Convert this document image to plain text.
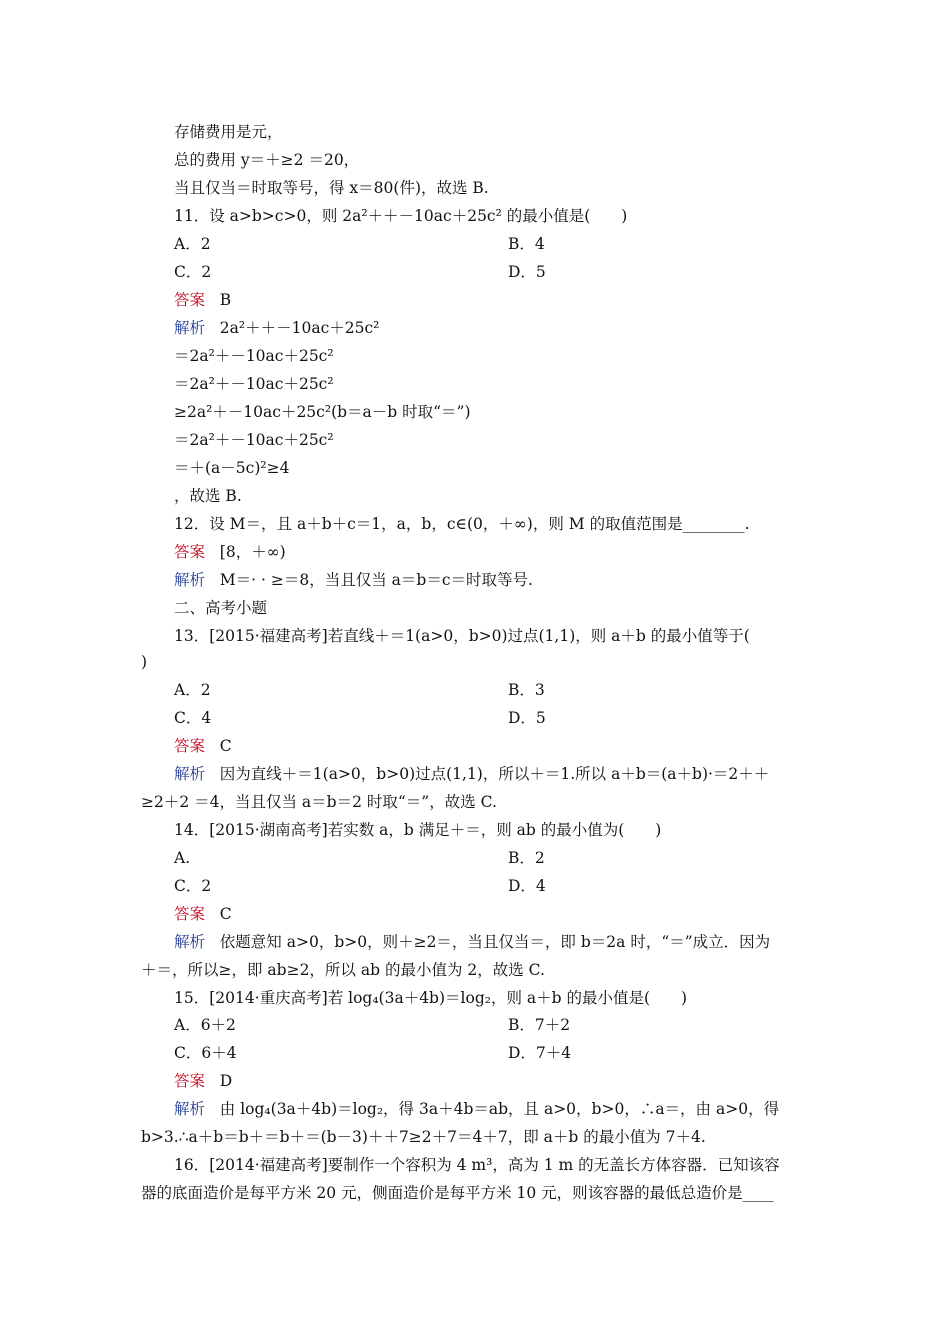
存储费用是元，
总的费用 y＝＋≥2 ＝20，
当且仅当＝时取等号，得 x＝80(件)，故选 B.
11．设 a>b>c>0，则 2a²＋＋－10ac＋25c² 的最小值是(　　)
A．2	B．4
C．2	D．5
答案 B
解析 2a²＋＋－10ac＋25c²
＝2a²＋－10ac＋25c²
＝2a²＋－10ac＋25c²
≥2a²＋－10ac＋25c²(b＝a－b 时取“＝”)
＝2a²＋－10ac＋25c²
＝＋(a－5c)²≥4
，故选 B.
12．设 M＝，且 a＋b＋c＝1，a，b，c∈(0，＋∞)，则 M 的取值范围是________.
答案 [8，＋∞)
解析 M＝· · ≥＝8，当且仅当 a＝b＝c＝时取等号.
二、高考小题
13．[2015·福建高考]若直线＋＝1(a>0，b>0)过点(1,1)，则 a＋b 的最小值等于(
)
A．2	B．3
C．4	D．5
答案 C
解析 因为直线＋＝1(a>0，b>0)过点(1,1)，所以＋＝1.所以 a＋b＝(a＋b)·＝2＋＋
≥2＋2 ＝4，当且仅当 a＝b＝2 时取“＝”，故选 C.
14．[2015·湖南高考]若实数 a，b 满足＋＝，则 ab 的最小值为(　　)
A.	B．2
C．2	D．4
答案 C
解析 依题意知 a>0，b>0，则＋≥2＝，当且仅当＝，即 b＝2a 时，“＝”成立．因为
＋＝，所以≥，即 ab≥2，所以 ab 的最小值为 2，故选 C.
15．[2014·重庆高考]若 log₄(3a＋4b)＝log₂，则 a＋b 的最小值是(　　)
A．6＋2	B．7＋2
C．6＋4	D．7＋4
答案 D
解析 由 log₄(3a＋4b)＝log₂，得 3a＋4b＝ab，且 a>0，b>0，∴a＝，由 a>0，得
b>3.∴a＋b＝b＋＝b＋＝(b－3)＋＋7≥2＋7＝4＋7，即 a＋b 的最小值为 7＋4.
16．[2014·福建高考]要制作一个容积为 4 m³，高为 1 m 的无盖长方体容器．已知该容
器的底面造价是每平方米 20 元，侧面造价是每平方米 10 元，则该容器的最低总造价是____
